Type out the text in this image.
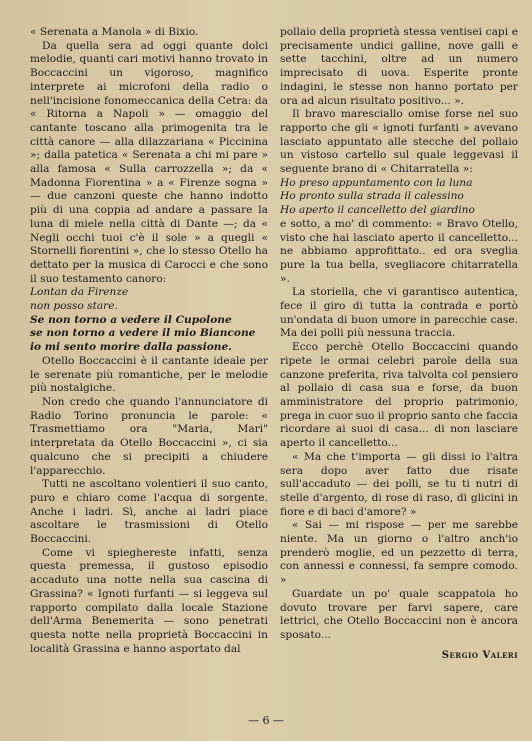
« Serenata a Manola » di Bixio.

Da quella sera ad oggi quante dolci melodie, quanti cari motivi hanno trovato in Boccaccini un vigoroso, magnifico interprete ai microfoni della radio o nell'incisione fonomeccanica della Cetra: da « Ritorna a Napoli » — omaggio del cantante toscano alla primogenita tra le città canore — alla dilazzariana « Piccinina »; dalla patetica « Serenata a chi mi pare » alla famosa « Sulla carrozzella »; da « Madonna Fiorentina » a « Firenze sogna » — due canzoni queste che hanno indotto più di una coppia ad andare a passare la luna di miele nella città di Dante —; da « Negli occhi tuoi c'è il sole » a quegli « Stornelli fiorentini », che lo stesso Otello ha dettato per la musica di Carocci e che sono il suo testamento canoro:

Lontan da Firenze

non posso stare.

Se non torno a vedere il Cupolone

se non torno a vedere il mio Biancone

io mi sento morire dalla passione.

Otello Boccaccini è il cantante ideale per le serenate più romantiche, per le melodie più nostalgiche.

Non credo che quando l'annunciatore di Radio Torino pronuncia le parole: « Trasmettiamo ora "Maria, Mari" interpretata da Otello Boccaccini », ci sia qualcuno che si precipiti a chiudere l'apparecchio.

Tutti ne ascoltano volentieri il suo canto, puro e chiaro come l'acqua di sorgente. Anche i ladri. Sì, anche ai ladri piace ascoltare le trasmissioni di Otello Boccaccini.

Come vi spieghereste infatti, senza questa premessa, il gustoso episodio accaduto una notte nella sua cascina di Grassina? « Ignoti furfanti — si leggeva sul rapporto compilato dalla locale Stazione dell'Arma Benemerita — sono penetrati questa notte nella proprietà Boccaccini in località Grassina e hanno asportato dal

pollaio della proprietà stessa ventisei capi e precisamente undici galline, nove galli e sette tacchini, oltre ad un numero imprecisato di uova. Esperite pronte indagini, le stesse non hanno portato per ora ad alcun risultato positivo... ».

Il bravo maresciallo omise forse nel suo rapporto che gli « ignoti furfanti » avevano lasciato appuntato alle stecche del pollaio un vistoso cartello sul quale leggevasi il seguente brano di « Chitarratella »:

Ho preso appuntamento con la luna

Ho pronto sulla strada il calessino

Ho aperto il cancelletto del giardino

e sotto, a mo' di commento: « Bravo Otello, visto che hai lasciato aperto il cancelletto... ne abbiamo approfittato.. ed ora sveglia pure la tua bella, svegliacore chitarratella ».

La storiella, che vi garantisco autentica, fece il giro di tutta la contrada e portò un'ondata di buon umore in parecchie case. Ma dei polli più nessuna traccia.

Ecco perchè Otello Boccaccini quando ripete le ormai celebri parole della sua canzone preferita, riva talvolta col pensiero al pollaio di casa sua e forse, da buon amministratore del proprio patrimonio, prega in cuor suo il proprio santo che faccia ricordare ai suoi di casa... di non lasciare aperto il cancelletto...

« Ma che t'importa — gli dissi io l'altra sera dopo aver fatto due risate sull'accaduto — dei polli, se tu ti nutri di stelle d'argento, di rose di raso, di glicini in fiore e di baci d'amore? »

« Sai — mi rispose — per me sarebbe niente. Ma un giorno o l'altro anch'io prenderò moglie, ed un pezzetto di terra, con annessi e connessi, fa sempre comodo. »

Guardate un po' quale scappatoia ho dovuto trovare per farvi sapere, care lettrici, che Otello Boccaccini non è ancora sposato...

Sergio Valeri
— 6 —
